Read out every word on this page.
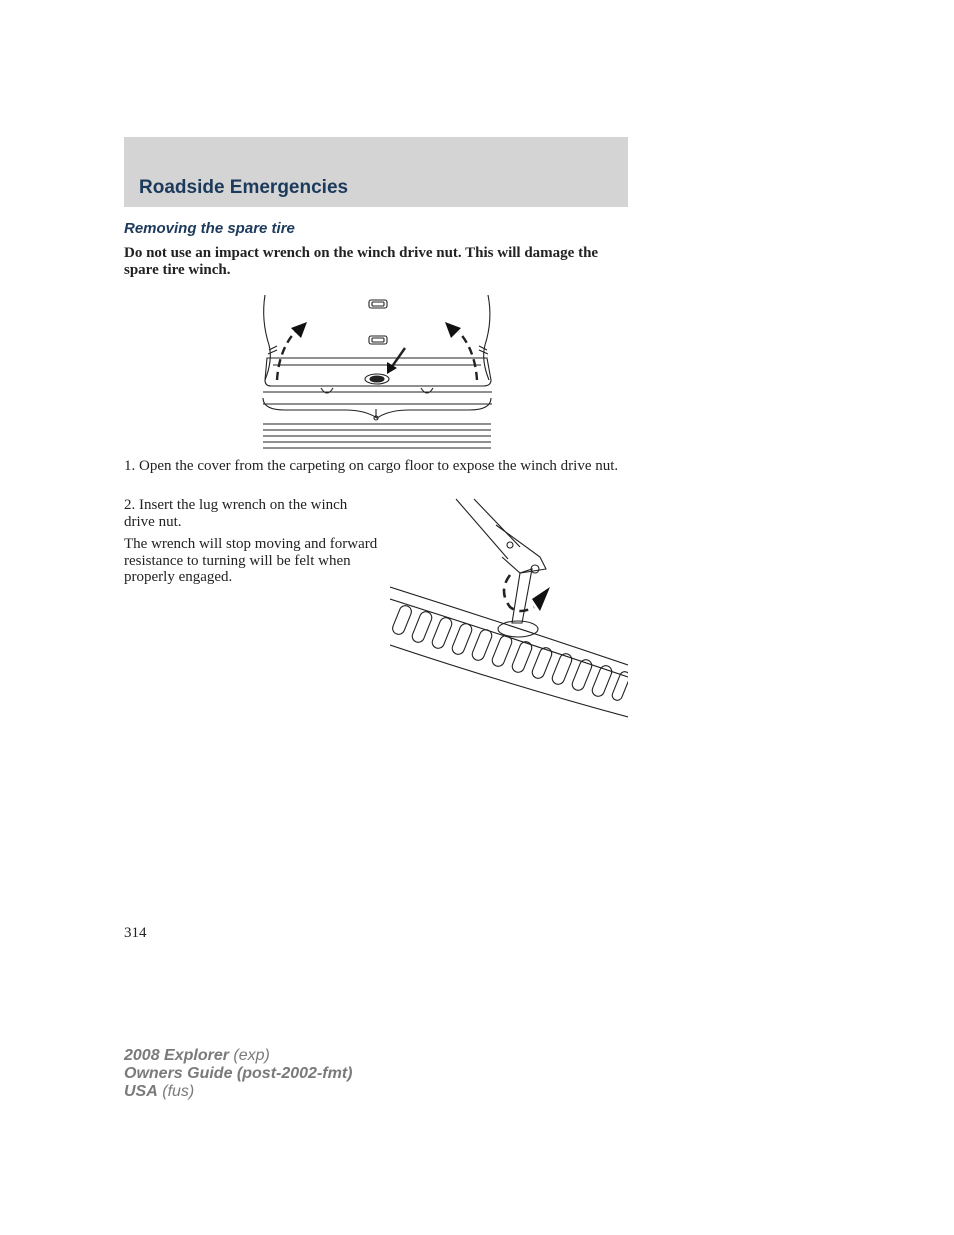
Roadside Emergencies
Removing the spare tire

Do not use an impact wrench on the winch drive nut. This will damage the spare tire winch.

1. Open the cover from the carpeting on cargo floor to expose the winch drive nut.

2. Insert the lug wrench on the winch drive nut.

The wrench will stop moving and forward resistance to turning will be felt when properly engaged.

314

2008 Explorer (exp)
Owners Guide (post-2002-fmt)
USA (fus)
